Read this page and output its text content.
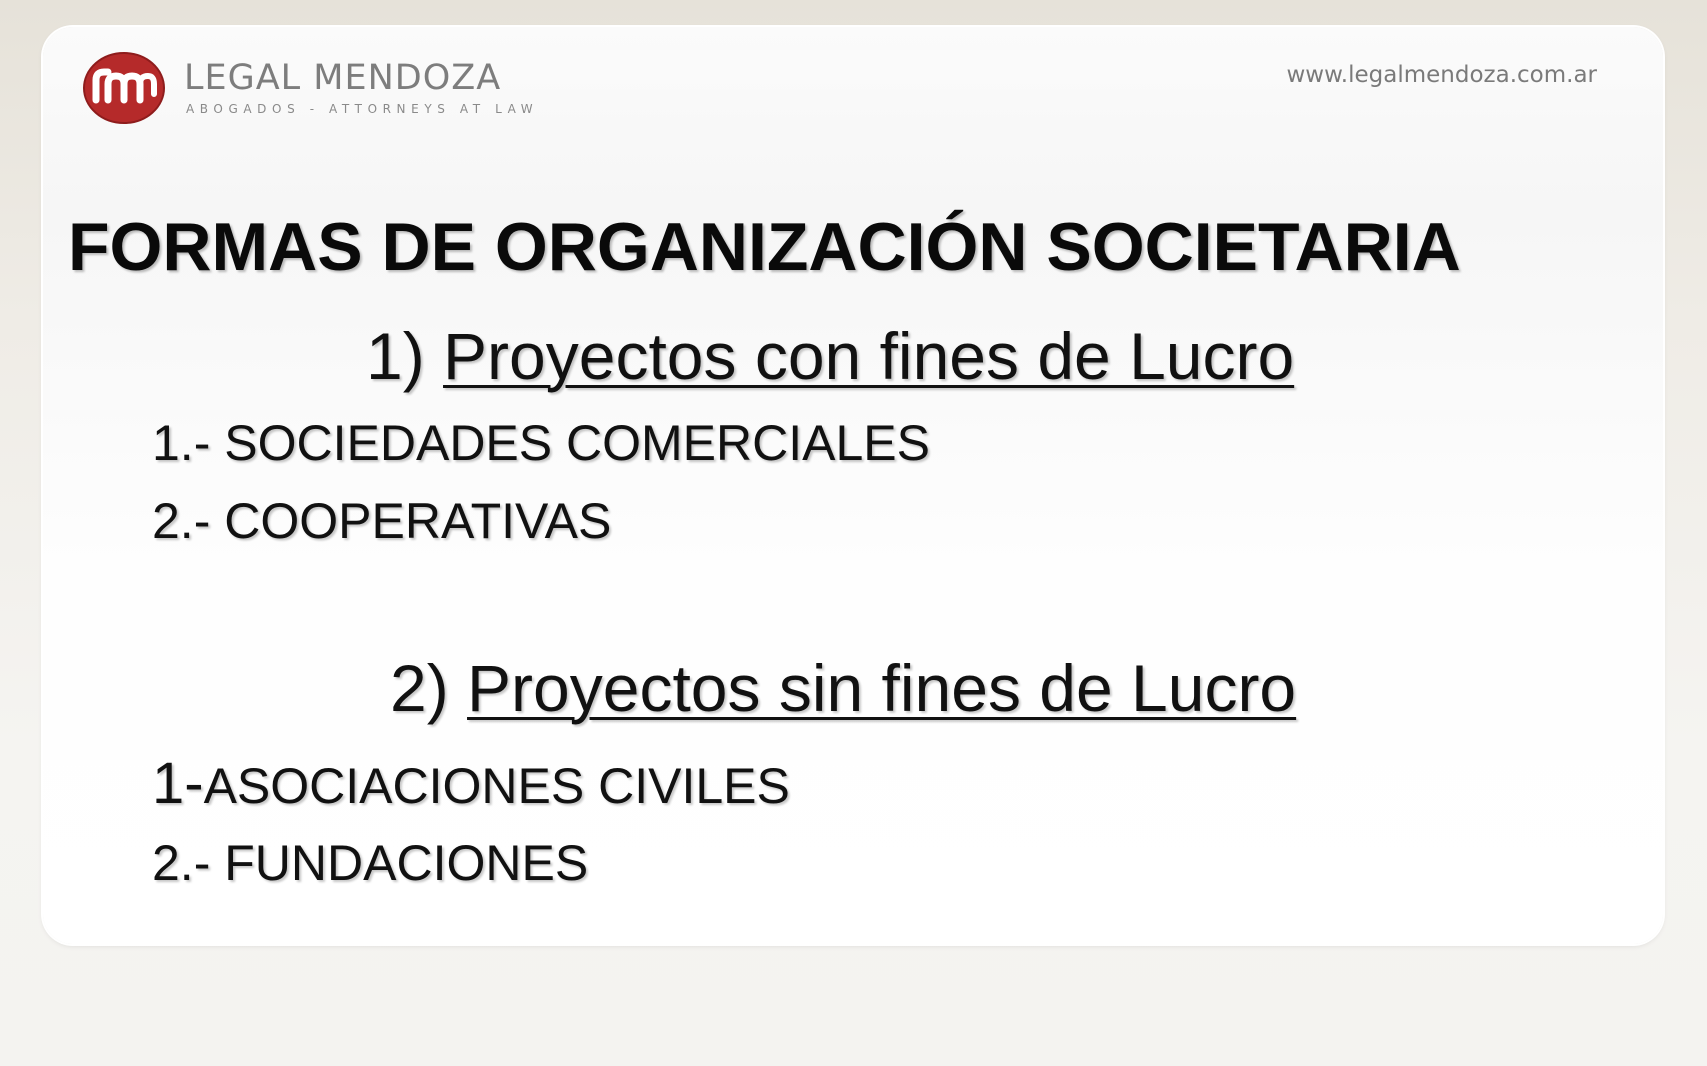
LEGAL MENDOZA
ABOGADOS - ATTORNEYS AT LAW
www.legalmendoza.com.ar
FORMAS DE ORGANIZACIÓN SOCIETARIA
1) Proyectos con fines de Lucro
1.- SOCIEDADES COMERCIALES
2.- COOPERATIVAS
2) Proyectos sin fines de Lucro
1-ASOCIACIONES CIVILES
2.- FUNDACIONES
